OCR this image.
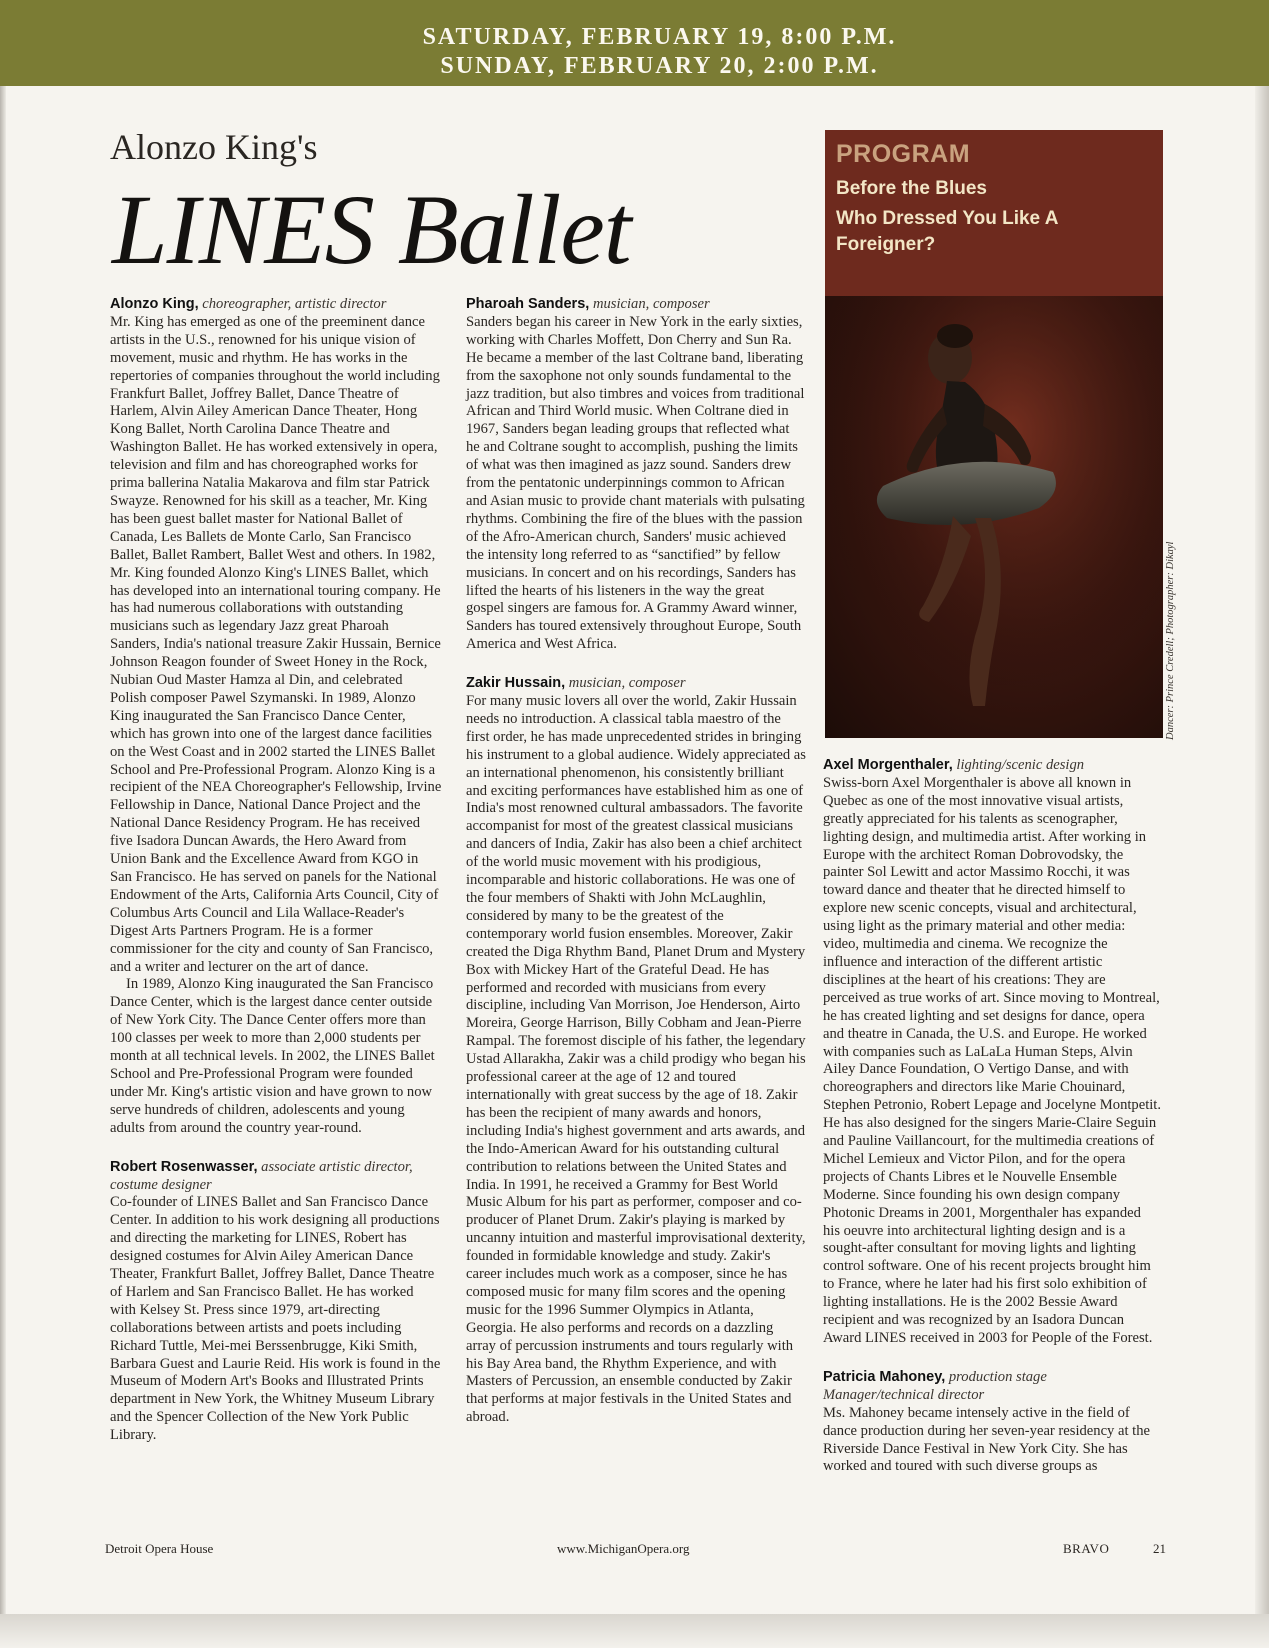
SATURDAY, FEBRUARY 19, 8:00 P.M.
SUNDAY, FEBRUARY 20, 2:00 P.M.
Alonzo King's
LINES Ballet

Alonzo King, choreographer, artistic director

Mr. King has emerged as one of the preeminent dance artists in the U.S., renowned for his unique vision of movement, music and rhythm. He has works in the repertories of companies throughout the world including Frankfurt Ballet, Joffrey Ballet, Dance Theatre of Harlem, Alvin Ailey American Dance Theater, Hong Kong Ballet, North Carolina Dance Theatre and Washington Ballet. He has worked extensively in opera, television and film and has choreographed works for prima ballerina Natalia Makarova and film star Patrick Swayze. Renowned for his skill as a teacher, Mr. King has been guest ballet master for National Ballet of Canada, Les Ballets de Monte Carlo, San Francisco Ballet, Ballet Rambert, Ballet West and others. In 1982, Mr. King founded Alonzo King's LINES Ballet, which has developed into an international touring company. He has had numerous collaborations with outstanding musicians such as legendary Jazz great Pharoah Sanders, India's national treasure Zakir Hussain, Bernice Johnson Reagon founder of Sweet Honey in the Rock, Nubian Oud Master Hamza al Din, and celebrated Polish composer Pawel Szymanski. In 1989, Alonzo King inaugurated the San Francisco Dance Center, which has grown into one of the largest dance facilities on the West Coast and in 2002 started the LINES Ballet School and Pre-Professional Program. Alonzo King is a recipient of the NEA Choreographer's Fellowship, Irvine Fellowship in Dance, National Dance Project and the National Dance Residency Program. He has received five Isadora Duncan Awards, the Hero Award from Union Bank and the Excellence Award from KGO in San Francisco. He has served on panels for the National Endowment of the Arts, California Arts Council, City of Columbus Arts Council and Lila Wallace-Reader's Digest Arts Partners Program. He is a former commissioner for the city and county of San Francisco, and a writer and lecturer on the art of dance.

In 1989, Alonzo King inaugurated the San Francisco Dance Center, which is the largest dance center outside of New York City. The Dance Center offers more than 100 classes per week to more than 2,000 students per month at all technical levels. In 2002, the LINES Ballet School and Pre-Professional Program were founded under Mr. King's artistic vision and have grown to now serve hundreds of children, adolescents and young adults from around the country year-round.

Robert Rosenwasser, associate artistic director, costume designer

Co-founder of LINES Ballet and San Francisco Dance Center. In addition to his work designing all productions and directing the marketing for LINES, Robert has designed costumes for Alvin Ailey American Dance Theater, Frankfurt Ballet, Joffrey Ballet, Dance Theatre of Harlem and San Francisco Ballet. He has worked with Kelsey St. Press since 1979, art-directing collaborations between artists and poets including Richard Tuttle, Mei-mei Berssenbrugge, Kiki Smith, Barbara Guest and Laurie Reid. His work is found in the Museum of Modern Art's Books and Illustrated Prints department in New York, the Whitney Museum Library and the Spencer Collection of the New York Public Library.

Pharoah Sanders, musician, composer

Sanders began his career in New York in the early sixties, working with Charles Moffett, Don Cherry and Sun Ra. He became a member of the last Coltrane band, liberating from the saxophone not only sounds fundamental to the jazz tradition, but also timbres and voices from traditional African and Third World music. When Coltrane died in 1967, Sanders began leading groups that reflected what he and Coltrane sought to accomplish, pushing the limits of what was then imagined as jazz sound. Sanders drew from the pentatonic underpinnings common to African and Asian music to provide chant materials with pulsating rhythms. Combining the fire of the blues with the passion of the Afro-American church, Sanders' music achieved the intensity long referred to as “sanctified” by fellow musicians. In concert and on his recordings, Sanders has lifted the hearts of his listeners in the way the great gospel singers are famous for. A Grammy Award winner, Sanders has toured extensively throughout Europe, South America and West Africa.

Zakir Hussain, musician, composer

For many music lovers all over the world, Zakir Hussain needs no introduction. A classical tabla maestro of the first order, he has made unprecedented strides in bringing his instrument to a global audience. Widely appreciated as an international phenomenon, his consistently brilliant and exciting performances have established him as one of India's most renowned cultural ambassadors. The favorite accompanist for most of the greatest classical musicians and dancers of India, Zakir has also been a chief architect of the world music movement with his prodigious, incomparable and historic collaborations. He was one of the four members of Shakti with John McLaughlin, considered by many to be the greatest of the contemporary world fusion ensembles. Moreover, Zakir created the Diga Rhythm Band, Planet Drum and Mystery Box with Mickey Hart of the Grateful Dead. He has performed and recorded with musicians from every discipline, including Van Morrison, Joe Henderson, Airto Moreira, George Harrison, Billy Cobham and Jean-Pierre Rampal. The foremost disciple of his father, the legendary Ustad Allarakha, Zakir was a child prodigy who began his professional career at the age of 12 and toured internationally with great success by the age of 18. Zakir has been the recipient of many awards and honors, including India's highest government and arts awards, and the Indo-American Award for his outstanding cultural contribution to relations between the United States and India. In 1991, he received a Grammy for Best World Music Album for his part as performer, composer and co-producer of Planet Drum. Zakir's playing is marked by uncanny intuition and masterful improvisational dexterity, founded in formidable knowledge and study. Zakir's career includes much work as a composer, since he has composed music for many film scores and the opening music for the 1996 Summer Olympics in Atlanta, Georgia. He also performs and records on a dazzling array of percussion instruments and tours regularly with his Bay Area band, the Rhythm Experience, and with Masters of Percussion, an ensemble conducted by Zakir that performs at major festivals in the United States and abroad.

PROGRAM
Before the Blues
Who Dressed You Like A Foreigner?
Dancer: Prince Credell; Photographer: Dikayl

Axel Morgenthaler, lighting/scenic design

Swiss-born Axel Morgenthaler is above all known in Quebec as one of the most innovative visual artists, greatly appreciated for his talents as scenographer, lighting design, and multimedia artist. After working in Europe with the architect Roman Dobrovodsky, the painter Sol Lewitt and actor Massimo Rocchi, it was toward dance and theater that he directed himself to explore new scenic concepts, visual and architectural, using light as the primary material and other media: video, multimedia and cinema. We recognize the influence and interaction of the different artistic disciplines at the heart of his creations: They are perceived as true works of art. Since moving to Montreal, he has created lighting and set designs for dance, opera and theatre in Canada, the U.S. and Europe. He worked with companies such as LaLaLa Human Steps, Alvin Ailey Dance Foundation, O Vertigo Danse, and with choreographers and directors like Marie Chouinard, Stephen Petronio, Robert Lepage and Jocelyne Montpetit. He has also designed for the singers Marie-Claire Seguin and Pauline Vaillancourt, for the multimedia creations of Michel Lemieux and Victor Pilon, and for the opera projects of Chants Libres et le Nouvelle Ensemble Moderne. Since founding his own design company Photonic Dreams in 2001, Morgenthaler has expanded his oeuvre into architectural lighting design and is a sought-after consultant for moving lights and lighting control software. One of his recent projects brought him to France, where he later had his first solo exhibition of lighting installations. He is the 2002 Bessie Award recipient and was recognized by an Isadora Duncan Award LINES received in 2003 for People of the Forest.

Patricia Mahoney, production stage Manager/technical director

Ms. Mahoney became intensely active in the field of dance production during her seven-year residency at the Riverside Dance Festival in New York City. She has worked and toured with such diverse groups as

Detroit Opera House	www.MichiganOpera.org	BRAVO	21
